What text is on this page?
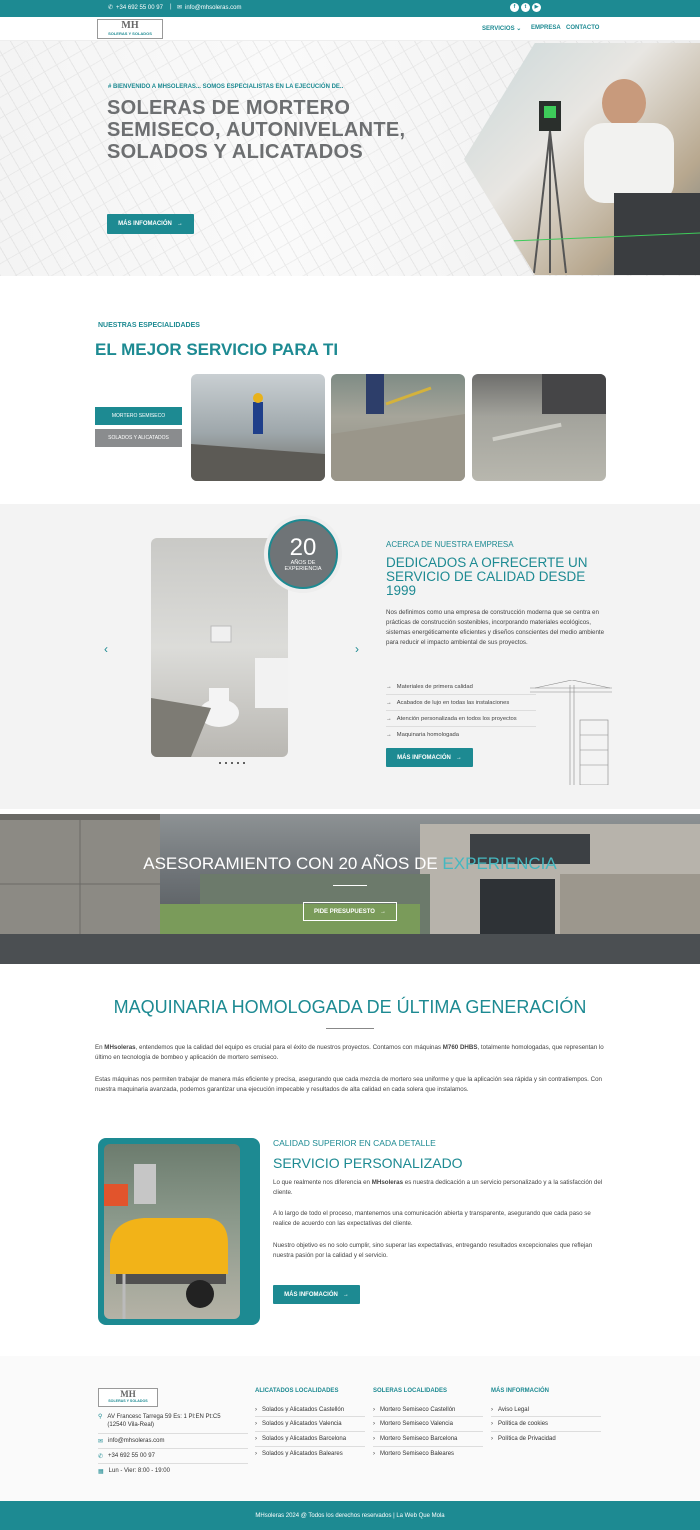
✆ +34 692 55 00 97 | ✉ info@mhsoleras.com	f	t	▶
MH
SOLERAS Y SOLADOS
SERVICIOS ⌄ EMPRESA CONTACTO
# BIENVENIDO A MHSOLERAS... SOMOS ESPECIALISTAS EN LA EJECUCIÓN DE..
SOLERAS DE MORTERO SEMISECO, AUTONIVELANTE, SOLADOS Y ALICATADOS
MÁS INFOMACIÓN →
NUESTRAS ESPECIALIDADES
EL MEJOR SERVICIO PARA TI
MORTERO SEMISECO
SOLADOS Y ALICATADOS
20
AÑOS DE EXPERIENCIA
‹	›
ACERCA DE NUESTRA EMPRESA
DEDICADOS A OFRECERTE UN SERVICIO DE CALIDAD DESDE 1999
Nos definimos como una empresa de construcción moderna que se centra en prácticas de construcción sostenibles, incorporando materiales ecológicos, sistemas energéticamente eficientes y diseños conscientes del medio ambiente para reducir el impacto ambiental de sus proyectos.
→ Materiales de primera calidad
→ Acabados de lujo en todas las instalaciones
→ Atención personalizada en todos los proyectos
→ Maquinaria homologada
MÁS INFOMACIÓN →
ASESORAMIENTO CON 20 AÑOS DE EXPERIENCIA
PIDE PRESUPUESTO →
MAQUINARIA HOMOLOGADA DE ÚLTIMA GENERACIÓN
En MHsoleras, entendemos que la calidad del equipo es crucial para el éxito de nuestros proyectos. Contamos con máquinas M760 DHBS, totalmente homologadas, que representan lo último en tecnología de bombeo y aplicación de mortero semiseco.
Estas máquinas nos permiten trabajar de manera más eficiente y precisa, asegurando que cada mezcla de mortero sea uniforme y que la aplicación sea rápida y sin contratiempos. Con nuestra maquinaria avanzada, podemos garantizar una ejecución impecable y resultados de alta calidad en cada solera que instalamos.
CALIDAD SUPERIOR EN CADA DETALLE
SERVICIO PERSONALIZADO
Lo que realmente nos diferencia en MHsoleras es nuestra dedicación a un servicio personalizado y a la satisfacción del cliente.
A lo largo de todo el proceso, mantenemos una comunicación abierta y transparente, asegurando que cada paso se realice de acuerdo con las expectativas del cliente.
Nuestro objetivo es no solo cumplir, sino superar las expectativas, entregando resultados excepcionales que reflejan nuestra pasión por la calidad y el servicio.
MÁS INFOMACIÓN →
MH
SOLERAS Y SOLADOS
⚲ AV Francesc Tarrega 59 Es: 1 Pl:EN Pt:C5 (12540 Vila-Real)
✉ info@mhsoleras.com
✆ +34 692 55 00 97
▦ Lun - Vier: 8:00 - 19:00
ALICATADOS LOCALIDADES
› Solados y Alicatados Castellón
› Solados y Alicatados Valencia
› Solados y Alicatados Barcelona
› Solados y Alicatados Baleares
SOLERAS LOCALIDADES
› Mortero Semiseco Castellón
› Mortero Semiseco Valencia
› Mortero Semiseco Barcelona
› Mortero Semiseco Baleares
MÁS INFORMACIÓN
› Aviso Legal
› Política de cookies
› Política de Privacidad
MHsoleras 2024 @ Todos los derechos reservados | La Web Que Mola
